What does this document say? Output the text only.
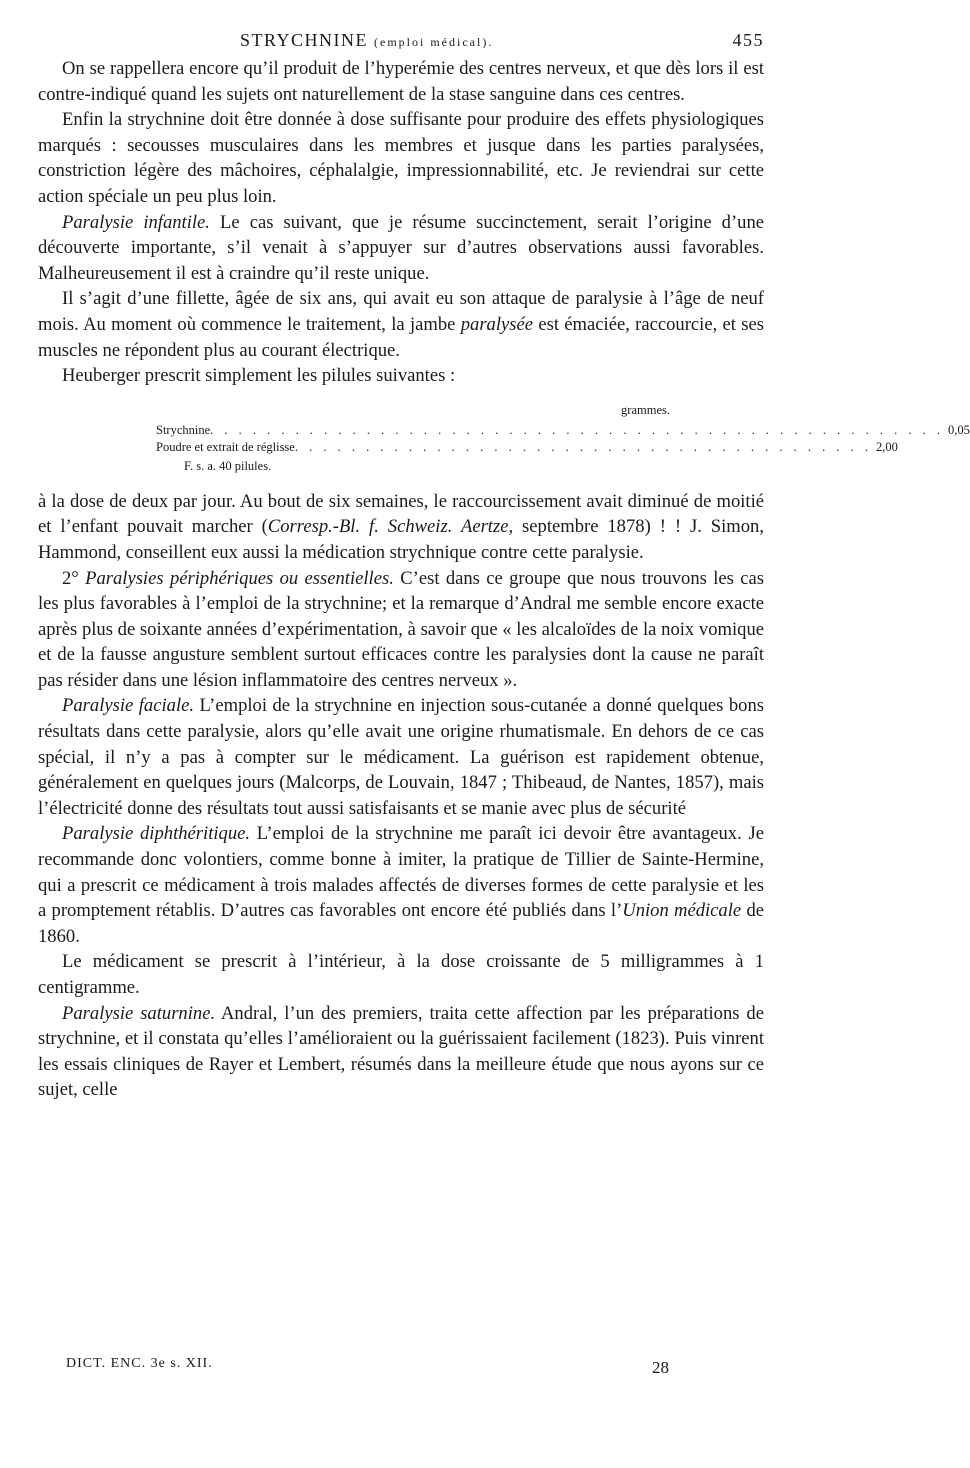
STRYCHNINE (emploi médical).	455

On se rappellera encore qu’il produit de l’hyperémie des centres nerveux, et que dès lors il est contre-indiqué quand les sujets ont naturellement de la stase sanguine dans ces centres.

Enfin la strychnine doit être donnée à dose suffisante pour produire des effets physiologiques marqués : secousses musculaires dans les membres et jusque dans les parties paralysées, constriction légère des mâchoires, céphalalgie, impressionnabilité, etc. Je reviendrai sur cette action spéciale un peu plus loin.

Paralysie infantile. Le cas suivant, que je résume succinctement, serait l’origine d’une découverte importante, s’il venait à s’appuyer sur d’autres observations aussi favorables. Malheureusement il est à craindre qu’il reste unique.

Il s’agit d’une fillette, âgée de six ans, qui avait eu son attaque de paralysie à l’âge de neuf mois. Au moment où commence le traitement, la jambe paralysée est émaciée, raccourcie, et ses muscles ne répondent plus au courant électrique.

Heuberger prescrit simplement les pilules suivantes :

grammes.
Strychnine . . . . . . . . . . . . . . . . . . . . . . . . . . . . . . . . . . . . . . . . . . . . . . . . . . . . 0,05
Poudre et extrait de réglisse . . . . . . . . . . . . . . . . . . . . . . . . . . . . . . . . . . . . . . . . . 2,00
F. s. a. 40 pilules.

à la dose de deux par jour. Au bout de six semaines, le raccourcissement avait diminué de moitié et l’enfant pouvait marcher (Corresp.-Bl. f. Schweiz. Aertze, septembre 1878) ! ! J. Simon, Hammond, conseillent eux aussi la médication strychnique contre cette paralysie.

2° Paralysies périphériques ou essentielles. C’est dans ce groupe que nous trouvons les cas les plus favorables à l’emploi de la strychnine; et la remarque d’Andral me semble encore exacte après plus de soixante années d’expérimentation, à savoir que « les alcaloïdes de la noix vomique et de la fausse angusture semblent surtout efficaces contre les paralysies dont la cause ne paraît pas résider dans une lésion inflammatoire des centres nerveux ».

Paralysie faciale. L’emploi de la strychnine en injection sous-cutanée a donné quelques bons résultats dans cette paralysie, alors qu’elle avait une origine rhumatismale. En dehors de ce cas spécial, il n’y a pas à compter sur le médicament. La guérison est rapidement obtenue, généralement en quelques jours (Malcorps, de Louvain, 1847 ; Thibeaud, de Nantes, 1857), mais l’électricité donne des résultats tout aussi satisfaisants et se manie avec plus de sécurité

Paralysie diphthéritique. L’emploi de la strychnine me paraît ici devoir être avantageux. Je recommande donc volontiers, comme bonne à imiter, la pratique de Tillier de Sainte-Hermine, qui a prescrit ce médicament à trois malades affectés de diverses formes de cette paralysie et les a promptement rétablis. D’autres cas favorables ont encore été publiés dans l’Union médicale de 1860.

Le médicament se prescrit à l’intérieur, à la dose croissante de 5 milligrammes à 1 centigramme.

Paralysie saturnine. Andral, l’un des premiers, traita cette affection par les préparations de strychnine, et il constata qu’elles l’amélioraient ou la guérissaient facilement (1823). Puis vinrent les essais cliniques de Rayer et Lembert, résumés dans la meilleure étude que nous ayons sur ce sujet, celle

DICT. ENC. 3e s. XII.	28
